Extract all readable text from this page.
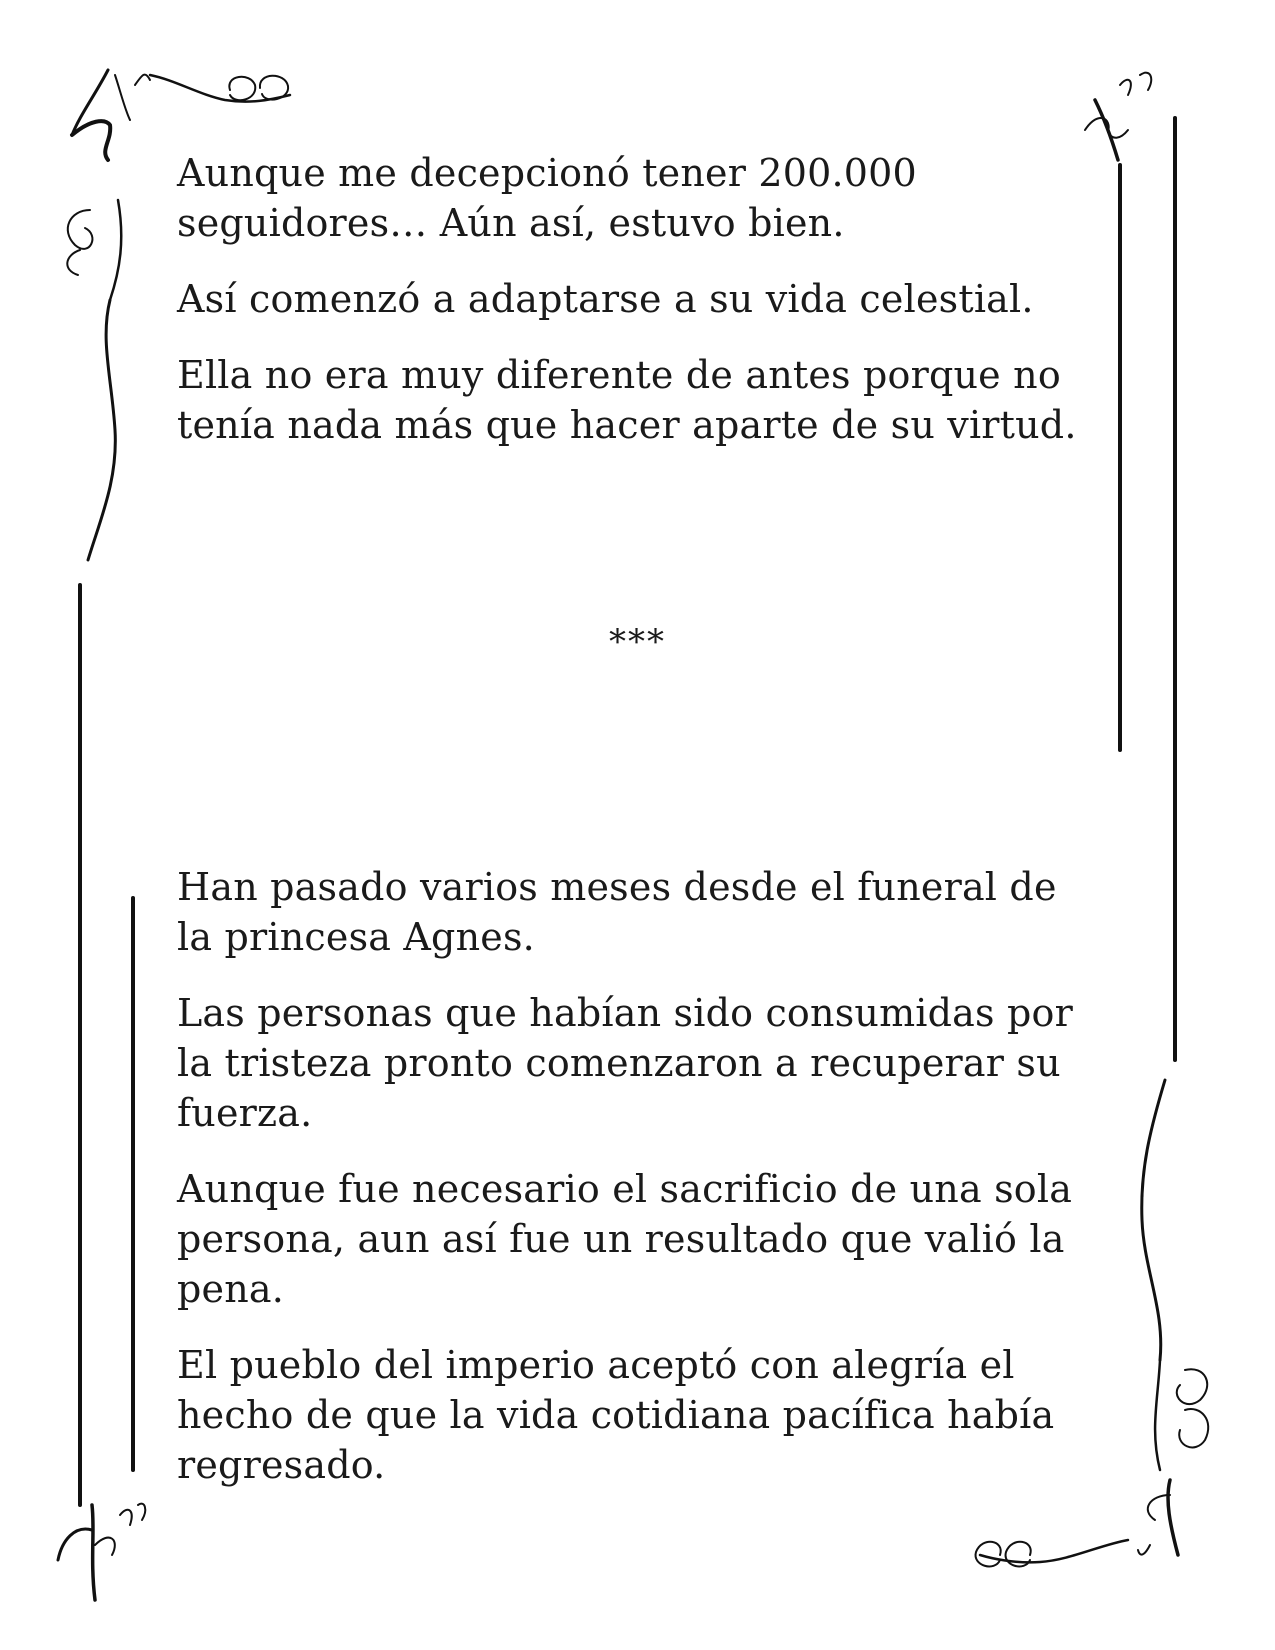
Aunque me decepcionó tener 200.000 seguidores… Aún así, estuvo bien.

Así comenzó a adaptarse a su vida celestial.

Ella no era muy diferente de antes porque no tenía nada más que hacer aparte de su virtud.

***

Han pasado varios meses desde el funeral de la princesa Agnes.

Las personas que habían sido consumidas por la tristeza pronto comenzaron a recuperar su fuerza.

Aunque fue necesario el sacrificio de una sola persona, aun así fue un resultado que valió la pena.

El pueblo del imperio aceptó con alegría el hecho de que la vida cotidiana pacífica había regresado.
